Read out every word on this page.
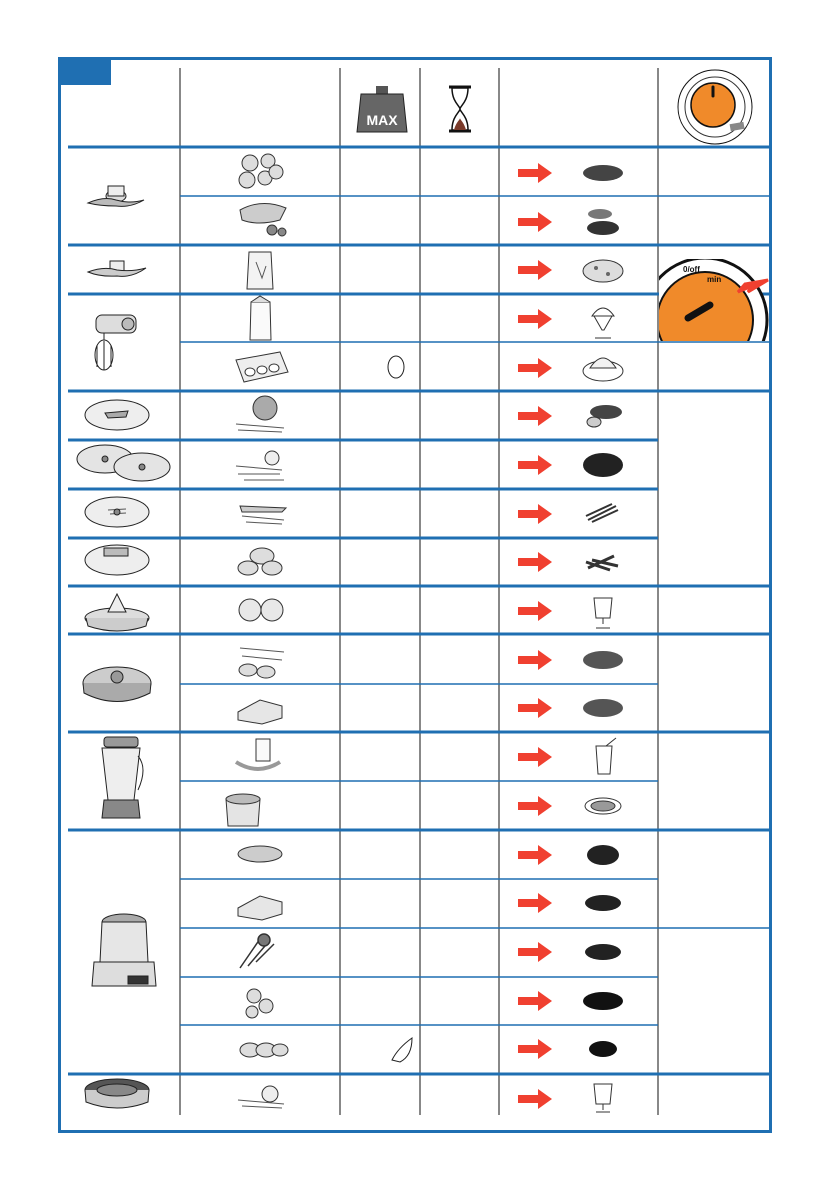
MAX
0/off
min
